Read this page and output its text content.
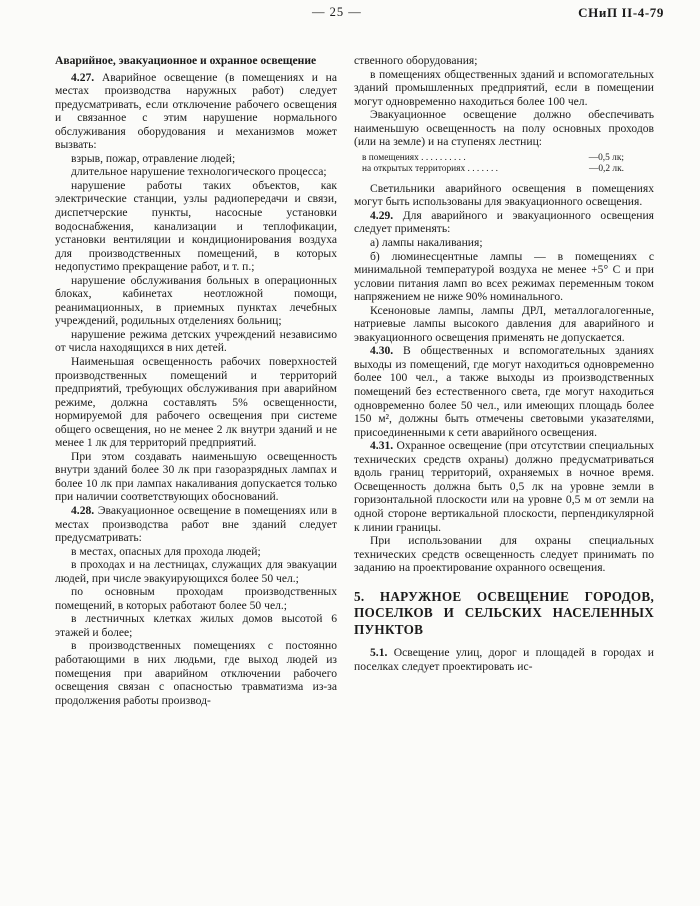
— 25 —	СНиП II-4-79
Аварийное, эвакуационное и охранное освещение

4.27. Аварийное освещение (в помещениях и на местах производства наружных работ) следует предусматривать, если отключение рабочего освещения и связанное с этим нарушение нормального обслуживания оборудования и механизмов может вызвать:

взрыв, пожар, отравление людей;

длительное нарушение технологического процесса;

нарушение работы таких объектов, как электрические станции, узлы радиопередачи и связи, диспетчерские пункты, насосные установки водоснабжения, канализации и теплофикации, установки вентиляции и кондиционирования воздуха для производственных помещений, в которых недопустимо прекращение работ, и т. п.;

нарушение обслуживания больных в операционных блоках, кабинетах неотложной помощи, реанимационных, в приемных пунктах лечебных учреждений, родильных отделениях больниц;

нарушение режима детских учреждений независимо от числа находящихся в них детей.

Наименьшая освещенность рабочих поверхностей производственных помещений и территорий предприятий, требующих обслуживания при аварийном режиме, должна составлять 5% освещенности, нормируемой для рабочего освещения при системе общего освещения, но не менее 2 лк внутри зданий и не менее 1 лк для территорий предприятий.

При этом создавать наименьшую освещенность внутри зданий более 30 лк при газоразрядных лампах и более 10 лк при лампах накаливания допускается только при наличии соответствующих обоснований.

4.28. Эвакуационное освещение в помещениях или в местах производства работ вне зданий следует предусматривать:

в местах, опасных для прохода людей;

в проходах и на лестницах, служащих для эвакуации людей, при числе эвакуирующихся более 50 чел.;

по основным проходам производственных помещений, в которых работают более 50 чел.;

в лестничных клетках жилых домов высотой 6 этажей и более;

в производственных помещениях с постоянно работающими в них людьми, где выход людей из помещения при аварийном отключении рабочего освещения связан с опасностью травматизма из-за продолжения работы производ-

ственного оборудования;

в помещениях общественных зданий и вспомогательных зданий промышленных предприятий, если в помещении могут одновременно находиться более 100 чел.

Эвакуационное освещение должно обеспечивать наименьшую освещенность на полу основных проходов (или на земле) и на ступенях лестниц:

в помещениях . . . . . . . . . .	—0,5 лк;
на открытых территориях . . . . . . .	—0,2 лк.

Светильники аварийного освещения в помещениях могут быть использованы для эвакуационного освещения.

4.29. Для аварийного и эвакуационного освещения следует применять:

а) лампы накаливания;

б) люминесцентные лампы — в помещениях с минимальной температурой воздуха не менее +5° С и при условии питания ламп во всех режимах переменным током напряжением не ниже 90% номинального.

Ксеноновые лампы, лампы ДРЛ, металлогалогенные, натриевые лампы высокого давления для аварийного и эвакуационного освещения применять не допускается.

4.30. В общественных и вспомогательных зданиях выходы из помещений, где могут находиться одновременно более 100 чел., а также выходы из производственных помещений без естественного света, где могут находиться одновременно более 50 чел., или имеющих площадь более 150 м², должны быть отмечены световыми указателями, присоединенными к сети аварийного освещения.

4.31. Охранное освещение (при отсутствии специальных технических средств охраны) должно предусматриваться вдоль границ территорий, охраняемых в ночное время. Освещенность должна быть 0,5 лк на уровне земли в горизонтальной плоскости или на уровне 0,5 м от земли на одной стороне вертикальной плоскости, перпендикулярной к линии границы.

При использовании для охраны специальных технических средств освещенность следует принимать по заданию на проектирование охранного освещения.

5. НАРУЖНОЕ ОСВЕЩЕНИЕ ГОРОДОВ, ПОСЕЛКОВ И СЕЛЬСКИХ НАСЕЛЕННЫХ ПУНКТОВ

5.1. Освещение улиц, дорог и площадей в городах и поселках следует проектировать ис-
